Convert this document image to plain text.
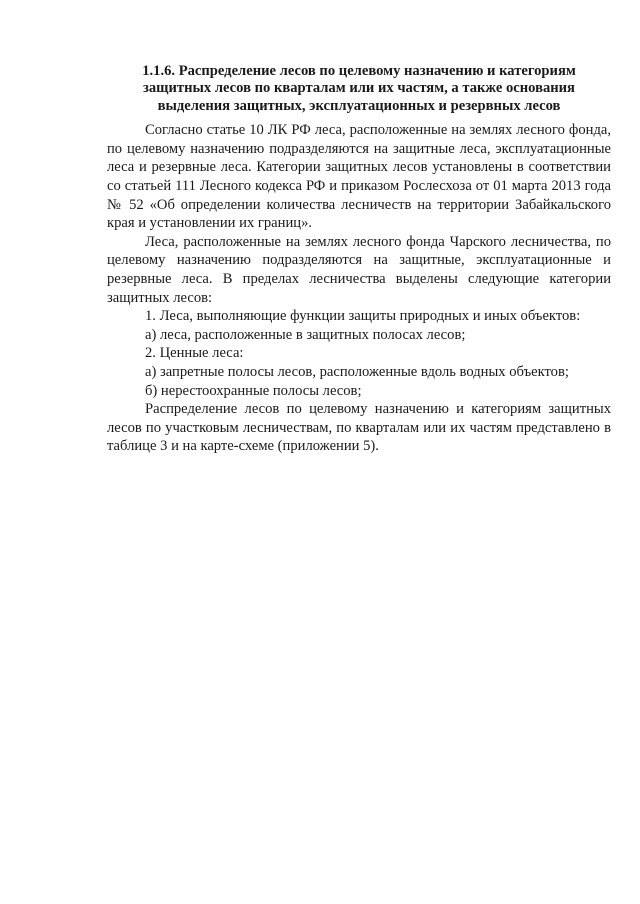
1.1.6. Распределение лесов по целевому назначению и категориям
защитных лесов по кварталам или их частям, а также основания
выделения защитных, эксплуатационных и резервных лесов

Согласно статье 10 ЛК РФ леса, расположенные на землях лесного фонда, по целевому назначению подразделяются на защитные леса, эксплуатационные леса и резервные леса. Категории защитных лесов установлены в соответствии со статьей 111 Лесного кодекса РФ и приказом Рослесхоза от 01 марта 2013 года № 52 «Об определении количества лесничеств на территории Забайкальского края и установлении их границ».

Леса, расположенные на землях лесного фонда Чарского лесничества, по целевому назначению подразделяются на защитные, эксплуатационные и резервные леса. В пределах лесничества выделены следующие категории защитных лесов:

1. Леса, выполняющие функции защиты природных и иных объектов:

а) леса, расположенные в защитных полосах лесов;

2. Ценные леса:

а) запретные полосы лесов, расположенные вдоль водных объектов;

б) нерестоохранные полосы лесов;

Распределение лесов по целевому назначению и категориям защитных лесов по участковым лесничествам, по кварталам или их частям представлено в таблице 3 и на карте-схеме (приложении 5).
